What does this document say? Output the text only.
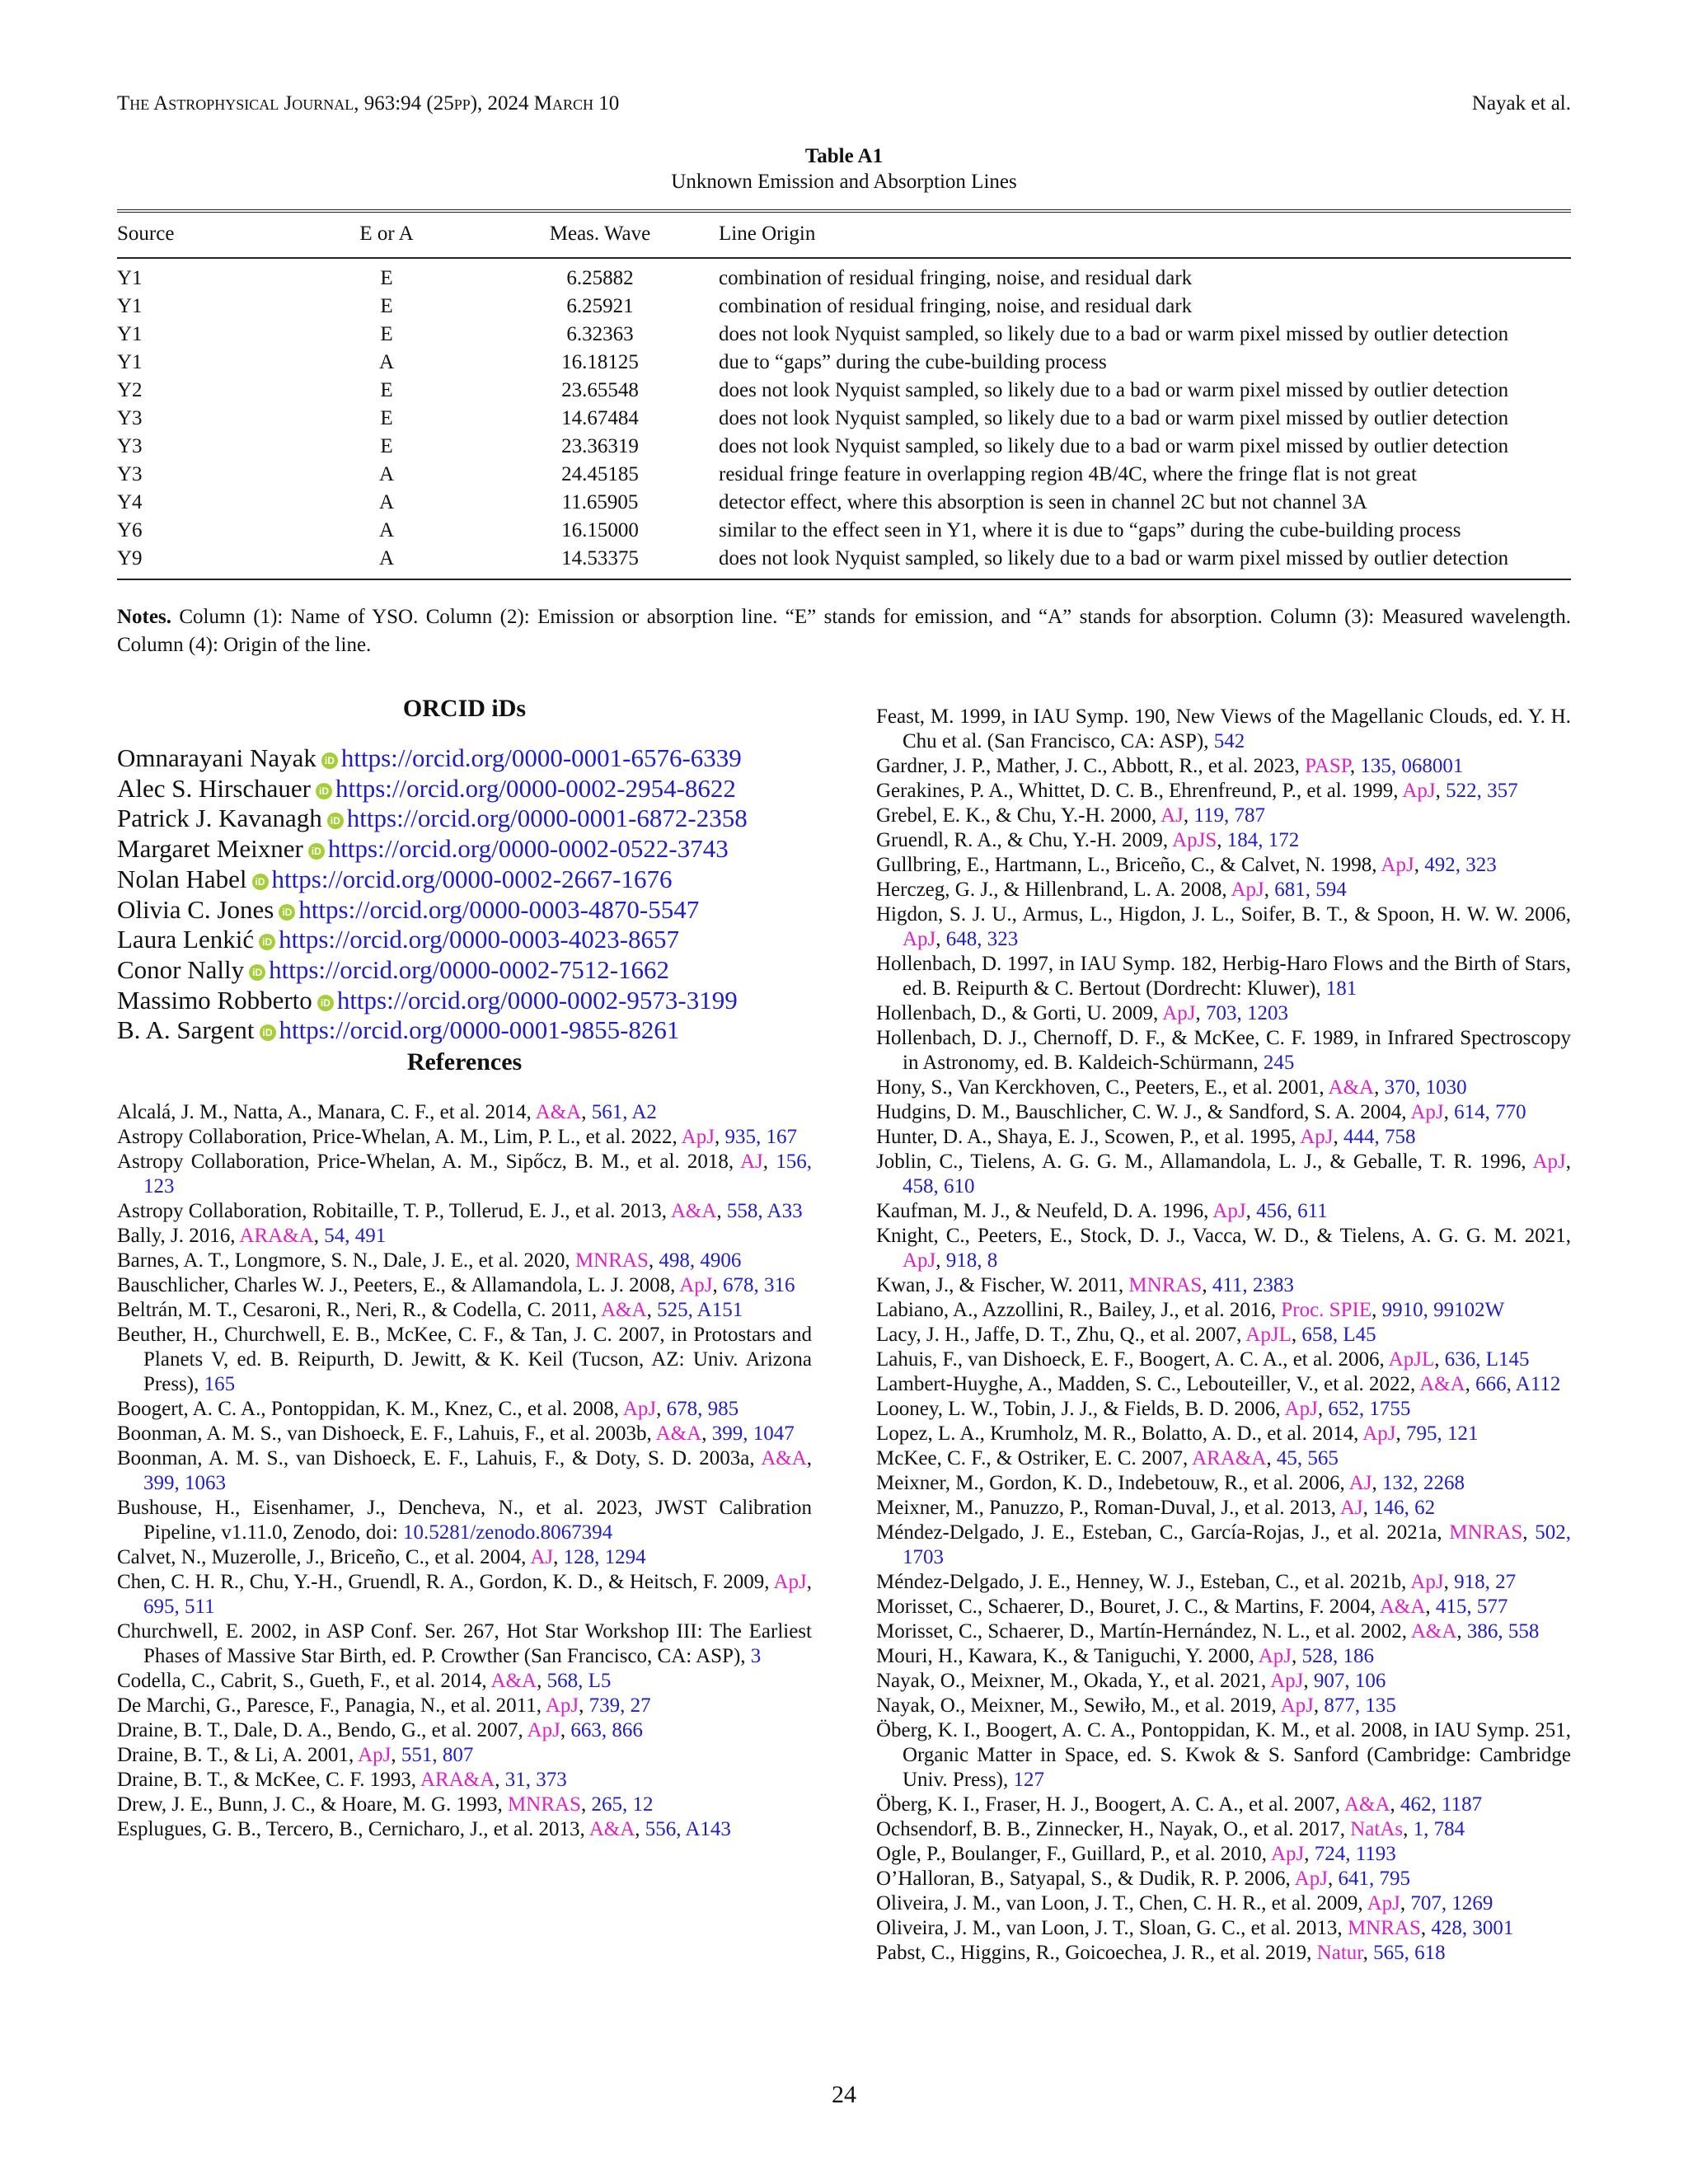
The Astrophysical Journal, 963:94 (25pp), 2024 March 10	Nayak et al.
Table A1
Unknown Emission and Absorption Lines
Source	E or A	Meas. Wave	Line Origin
Y1	E	6.25882	combination of residual fringing, noise, and residual dark
Y1	E	6.25921	combination of residual fringing, noise, and residual dark
Y1	E	6.32363	does not look Nyquist sampled, so likely due to a bad or warm pixel missed by outlier detection
Y1	A	16.18125	due to “gaps” during the cube-building process
Y2	E	23.65548	does not look Nyquist sampled, so likely due to a bad or warm pixel missed by outlier detection
Y3	E	14.67484	does not look Nyquist sampled, so likely due to a bad or warm pixel missed by outlier detection
Y3	E	23.36319	does not look Nyquist sampled, so likely due to a bad or warm pixel missed by outlier detection
Y3	A	24.45185	residual fringe feature in overlapping region 4B/4C, where the fringe flat is not great
Y4	A	11.65905	detector effect, where this absorption is seen in channel 2C but not channel 3A
Y6	A	16.15000	similar to the effect seen in Y1, where it is due to “gaps” during the cube-building process
Y9	A	14.53375	does not look Nyquist sampled, so likely due to a bad or warm pixel missed by outlier detection
Notes. Column (1): Name of YSO. Column (2): Emission or absorption line. “E” stands for emission, and “A” stands for absorption. Column (3): Measured wavelength. Column (4): Origin of the line.
ORCID iDs
Omnarayani Nayak iD https://orcid.org/0000-0001-6576-6339
Alec S. Hirschauer iD https://orcid.org/0000-0002-2954-8622
Patrick J. Kavanagh iD https://orcid.org/0000-0001-6872-2358
Margaret Meixner iD https://orcid.org/0000-0002-0522-3743
Nolan Habel iD https://orcid.org/0000-0002-2667-1676
Olivia C. Jones iD https://orcid.org/0000-0003-4870-5547
Laura Lenkić iD https://orcid.org/0000-0003-4023-8657
Conor Nally iD https://orcid.org/0000-0002-7512-1662
Massimo Robberto iD https://orcid.org/0000-0002-9573-3199
B. A. Sargent iD https://orcid.org/0000-0001-9855-8261
References
Alcalá, J. M., Natta, A., Manara, C. F., et al. 2014, A&A, 561, A2
Astropy Collaboration, Price-Whelan, A. M., Lim, P. L., et al. 2022, ApJ, 935, 167
Astropy Collaboration, Price-Whelan, A. M., Sipőcz, B. M., et al. 2018, AJ, 156, 123
Astropy Collaboration, Robitaille, T. P., Tollerud, E. J., et al. 2013, A&A, 558, A33
Bally, J. 2016, ARA&A, 54, 491
Barnes, A. T., Longmore, S. N., Dale, J. E., et al. 2020, MNRAS, 498, 4906
Bauschlicher, Charles W. J., Peeters, E., & Allamandola, L. J. 2008, ApJ, 678, 316
Beltrán, M. T., Cesaroni, R., Neri, R., & Codella, C. 2011, A&A, 525, A151
Beuther, H., Churchwell, E. B., McKee, C. F., & Tan, J. C. 2007, in Protostars and Planets V, ed. B. Reipurth, D. Jewitt, & K. Keil (Tucson, AZ: Univ. Arizona Press), 165
Boogert, A. C. A., Pontoppidan, K. M., Knez, C., et al. 2008, ApJ, 678, 985
Boonman, A. M. S., van Dishoeck, E. F., Lahuis, F., et al. 2003b, A&A, 399, 1047
Boonman, A. M. S., van Dishoeck, E. F., Lahuis, F., & Doty, S. D. 2003a, A&A, 399, 1063
Bushouse, H., Eisenhamer, J., Dencheva, N., et al. 2023, JWST Calibration Pipeline, v1.11.0, Zenodo, doi: 10.5281/zenodo.8067394
Calvet, N., Muzerolle, J., Briceño, C., et al. 2004, AJ, 128, 1294
Chen, C. H. R., Chu, Y.-H., Gruendl, R. A., Gordon, K. D., & Heitsch, F. 2009, ApJ, 695, 511
Churchwell, E. 2002, in ASP Conf. Ser. 267, Hot Star Workshop III: The Earliest Phases of Massive Star Birth, ed. P. Crowther (San Francisco, CA: ASP), 3
Codella, C., Cabrit, S., Gueth, F., et al. 2014, A&A, 568, L5
De Marchi, G., Paresce, F., Panagia, N., et al. 2011, ApJ, 739, 27
Draine, B. T., Dale, D. A., Bendo, G., et al. 2007, ApJ, 663, 866
Draine, B. T., & Li, A. 2001, ApJ, 551, 807
Draine, B. T., & McKee, C. F. 1993, ARA&A, 31, 373
Drew, J. E., Bunn, J. C., & Hoare, M. G. 1993, MNRAS, 265, 12
Esplugues, G. B., Tercero, B., Cernicharo, J., et al. 2013, A&A, 556, A143
Feast, M. 1999, in IAU Symp. 190, New Views of the Magellanic Clouds, ed. Y. H. Chu et al. (San Francisco, CA: ASP), 542
Gardner, J. P., Mather, J. C., Abbott, R., et al. 2023, PASP, 135, 068001
Gerakines, P. A., Whittet, D. C. B., Ehrenfreund, P., et al. 1999, ApJ, 522, 357
Grebel, E. K., & Chu, Y.-H. 2000, AJ, 119, 787
Gruendl, R. A., & Chu, Y.-H. 2009, ApJS, 184, 172
Gullbring, E., Hartmann, L., Briceño, C., & Calvet, N. 1998, ApJ, 492, 323
Herczeg, G. J., & Hillenbrand, L. A. 2008, ApJ, 681, 594
Higdon, S. J. U., Armus, L., Higdon, J. L., Soifer, B. T., & Spoon, H. W. W. 2006, ApJ, 648, 323
Hollenbach, D. 1997, in IAU Symp. 182, Herbig-Haro Flows and the Birth of Stars, ed. B. Reipurth & C. Bertout (Dordrecht: Kluwer), 181
Hollenbach, D., & Gorti, U. 2009, ApJ, 703, 1203
Hollenbach, D. J., Chernoff, D. F., & McKee, C. F. 1989, in Infrared Spectroscopy in Astronomy, ed. B. Kaldeich-Schürmann, 245
Hony, S., Van Kerckhoven, C., Peeters, E., et al. 2001, A&A, 370, 1030
Hudgins, D. M., Bauschlicher, C. W. J., & Sandford, S. A. 2004, ApJ, 614, 770
Hunter, D. A., Shaya, E. J., Scowen, P., et al. 1995, ApJ, 444, 758
Joblin, C., Tielens, A. G. G. M., Allamandola, L. J., & Geballe, T. R. 1996, ApJ, 458, 610
Kaufman, M. J., & Neufeld, D. A. 1996, ApJ, 456, 611
Knight, C., Peeters, E., Stock, D. J., Vacca, W. D., & Tielens, A. G. G. M. 2021, ApJ, 918, 8
Kwan, J., & Fischer, W. 2011, MNRAS, 411, 2383
Labiano, A., Azzollini, R., Bailey, J., et al. 2016, Proc. SPIE, 9910, 99102W
Lacy, J. H., Jaffe, D. T., Zhu, Q., et al. 2007, ApJL, 658, L45
Lahuis, F., van Dishoeck, E. F., Boogert, A. C. A., et al. 2006, ApJL, 636, L145
Lambert-Huyghe, A., Madden, S. C., Lebouteiller, V., et al. 2022, A&A, 666, A112
Looney, L. W., Tobin, J. J., & Fields, B. D. 2006, ApJ, 652, 1755
Lopez, L. A., Krumholz, M. R., Bolatto, A. D., et al. 2014, ApJ, 795, 121
McKee, C. F., & Ostriker, E. C. 2007, ARA&A, 45, 565
Meixner, M., Gordon, K. D., Indebetouw, R., et al. 2006, AJ, 132, 2268
Meixner, M., Panuzzo, P., Roman-Duval, J., et al. 2013, AJ, 146, 62
Méndez-Delgado, J. E., Esteban, C., García-Rojas, J., et al. 2021a, MNRAS, 502, 1703
Méndez-Delgado, J. E., Henney, W. J., Esteban, C., et al. 2021b, ApJ, 918, 27
Morisset, C., Schaerer, D., Bouret, J. C., & Martins, F. 2004, A&A, 415, 577
Morisset, C., Schaerer, D., Martín-Hernández, N. L., et al. 2002, A&A, 386, 558
Mouri, H., Kawara, K., & Taniguchi, Y. 2000, ApJ, 528, 186
Nayak, O., Meixner, M., Okada, Y., et al. 2021, ApJ, 907, 106
Nayak, O., Meixner, M., Sewiło, M., et al. 2019, ApJ, 877, 135
Öberg, K. I., Boogert, A. C. A., Pontoppidan, K. M., et al. 2008, in IAU Symp. 251, Organic Matter in Space, ed. S. Kwok & S. Sanford (Cambridge: Cambridge Univ. Press), 127
Öberg, K. I., Fraser, H. J., Boogert, A. C. A., et al. 2007, A&A, 462, 1187
Ochsendorf, B. B., Zinnecker, H., Nayak, O., et al. 2017, NatAs, 1, 784
Ogle, P., Boulanger, F., Guillard, P., et al. 2010, ApJ, 724, 1193
O’Halloran, B., Satyapal, S., & Dudik, R. P. 2006, ApJ, 641, 795
Oliveira, J. M., van Loon, J. T., Chen, C. H. R., et al. 2009, ApJ, 707, 1269
Oliveira, J. M., van Loon, J. T., Sloan, G. C., et al. 2013, MNRAS, 428, 3001
Pabst, C., Higgins, R., Goicoechea, J. R., et al. 2019, Natur, 565, 618
24
